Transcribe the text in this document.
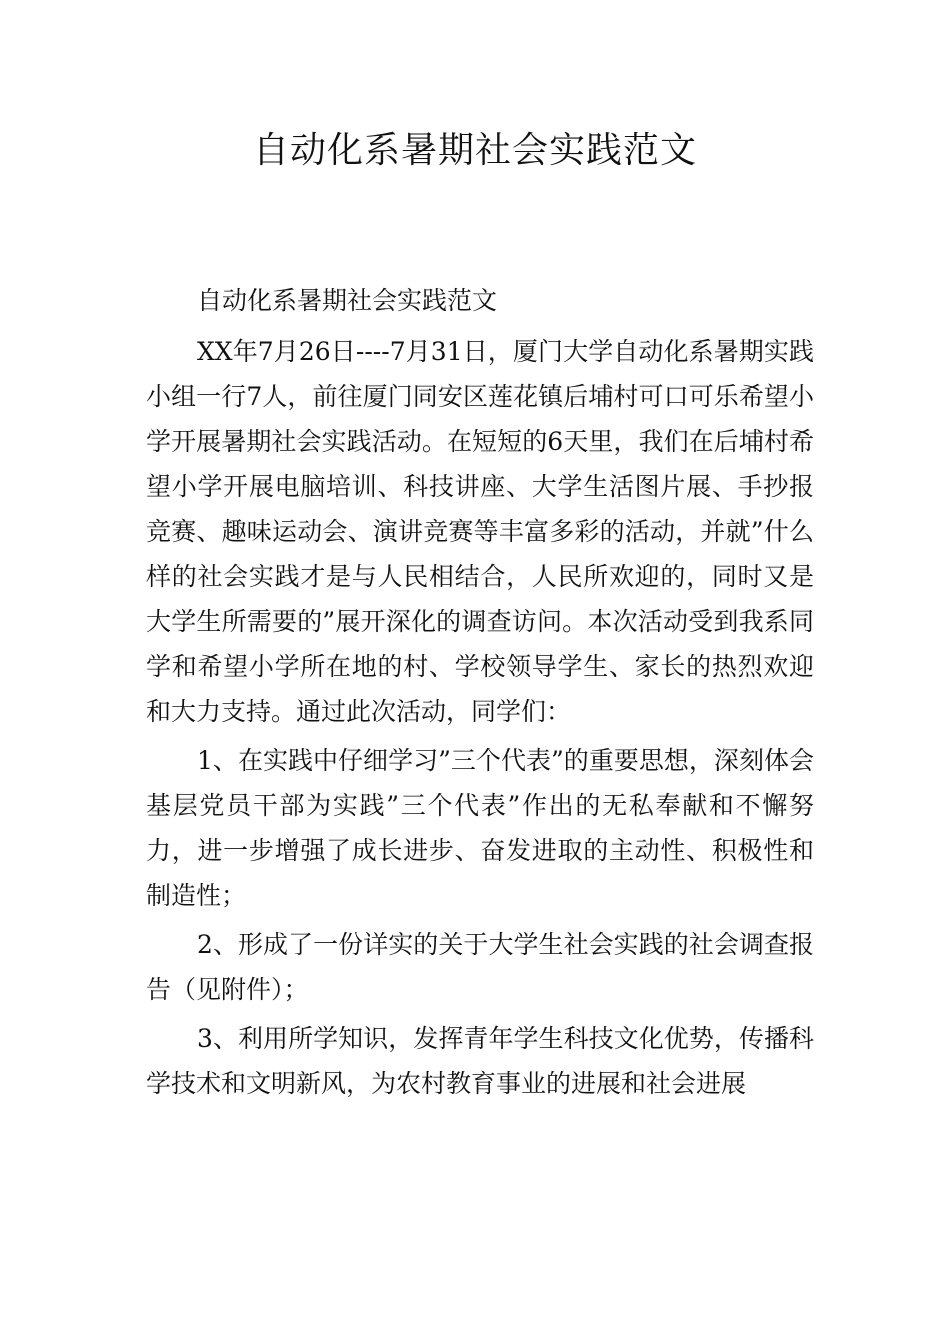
自动化系暑期社会实践范文

自动化系暑期社会实践范文

XX年7月26日----7月31日，厦门大学自动化系暑期实践小组一行7人，前往厦门同安区莲花镇后埔村可口可乐希望小学开展暑期社会实践活动。在短短的6天里，我们在后埔村希望小学开展电脑培训、科技讲座、大学生活图片展、手抄报竞赛、趣味运动会、演讲竞赛等丰富多彩的活动，并就”什么样的社会实践才是与人民相结合，人民所欢迎的，同时又是大学生所需要的”展开深化的调查访问。本次活动受到我系同学和希望小学所在地的村、学校领导学生、家长的热烈欢迎和大力支持。通过此次活动，同学们：

1、在实践中仔细学习”三个代表”的重要思想，深刻体会基层党员干部为实践”三个代表”作出的无私奉献和不懈努力，进一步增强了成长进步、奋发进取的主动性、积极性和制造性；

2、形成了一份详实的关于大学生社会实践的社会调查报告（见附件）；

3、利用所学知识，发挥青年学生科技文化优势，传播科学技术和文明新风，为农村教育事业的进展和社会进展
